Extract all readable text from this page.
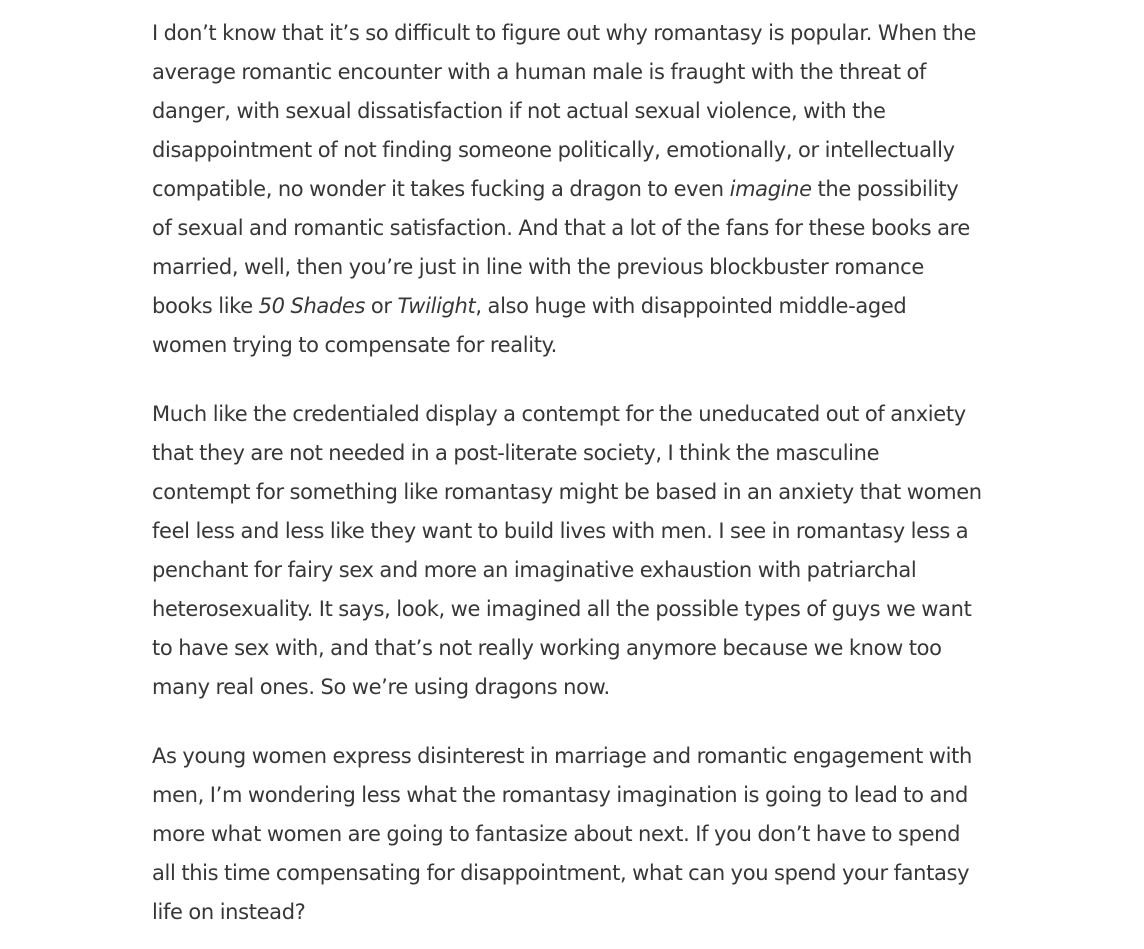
I don’t know that it’s so difficult to figure out why romantasy is popular. When the average romantic encounter with a human male is fraught with the threat of danger, with sexual dissatisfaction if not actual sexual violence, with the disappointment of not finding someone politically, emotionally, or intellectually compatible, no wonder it takes fucking a dragon to even imagine the possibility of sexual and romantic satisfaction. And that a lot of the fans for these books are married, well, then you’re just in line with the previous blockbuster romance books like 50 Shades or Twilight, also huge with disappointed middle-aged women trying to compensate for reality.

Much like the credentialed display a contempt for the uneducated out of anxiety that they are not needed in a post-literate society, I think the masculine contempt for something like romantasy might be based in an anxiety that women feel less and less like they want to build lives with men. I see in romantasy less a penchant for fairy sex and more an imaginative exhaustion with patriarchal heterosexuality. It says, look, we imagined all the possible types of guys we want to have sex with, and that’s not really working anymore because we know too many real ones. So we’re using dragons now.

As young women express disinterest in marriage and romantic engagement with men, I’m wondering less what the romantasy imagination is going to lead to and more what women are going to fantasize about next. If you don’t have to spend all this time compensating for disappointment, what can you spend your fantasy life on instead?
